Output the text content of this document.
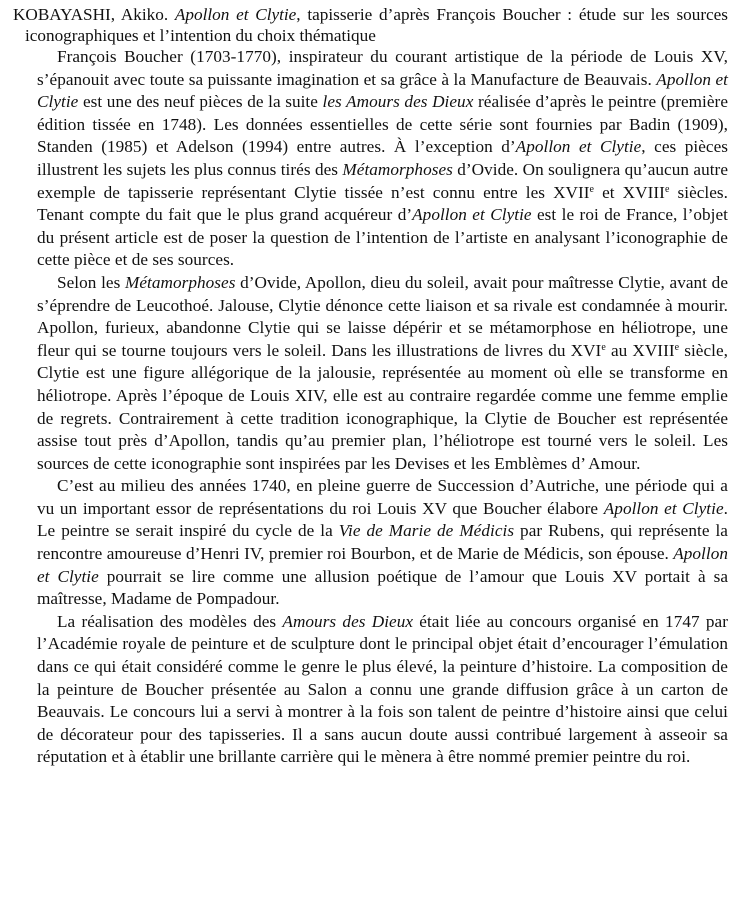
KOBAYASHI, Akiko. Apollon et Clytie, tapisserie d’après François Boucher : étude sur les sources iconographiques et l’intention du choix thématique

François Boucher (1703-1770), inspirateur du courant artistique de la période de Louis XV, s’épanouit avec toute sa puissante imagination et sa grâce à la Manufacture de Beauvais. Apollon et Clytie est une des neuf pièces de la suite les Amours des Dieux réalisée d’après le peintre (première édition tissée en 1748). Les données essentielles de cette série sont fournies par Badin (1909), Standen (1985) et Adelson (1994) entre autres. À l’exception d’Apollon et Clytie, ces pièces illustrent les sujets les plus connus tirés des Métamorphoses d’Ovide. On soulignera qu’aucun autre exemple de tapisserie représentant Clytie tissée n’est connu entre les XVIIe et XVIIIe siècles. Tenant compte du fait que le plus grand acquéreur d’Apollon et Clytie est le roi de France, l’objet du présent article est de poser la question de l’intention de l’artiste en analysant l’iconographie de cette pièce et de ses sources.

Selon les Métamorphoses d’Ovide, Apollon, dieu du soleil, avait pour maîtresse Clytie, avant de s’éprendre de Leucothoé. Jalouse, Clytie dénonce cette liaison et sa rivale est condamnée à mourir. Apollon, furieux, abandonne Clytie qui se laisse dépérir et se métamorphose en héliotrope, une fleur qui se tourne toujours vers le soleil. Dans les illustrations de livres du XVIe au XVIIIe siècle, Clytie est une figure allégorique de la jalousie, représentée au moment où elle se transforme en héliotrope. Après l’époque de Louis XIV, elle est au contraire regardée comme une femme emplie de regrets. Contrairement à cette tradition iconographique, la Clytie de Boucher est représentée assise tout près d’Apollon, tandis qu’au premier plan, l’héliotrope est tourné vers le soleil. Les sources de cette iconographie sont inspirées par les Devises et les Emblèmes d’ Amour.

C’est au milieu des années 1740, en pleine guerre de Succession d’Autriche, une période qui a vu un important essor de représentations du roi Louis XV que Boucher élabore Apollon et Clytie. Le peintre se serait inspiré du cycle de la Vie de Marie de Médicis par Rubens, qui représente la rencontre amoureuse d’Henri IV, premier roi Bourbon, et de Marie de Médicis, son épouse. Apollon et Clytie pourrait se lire comme une allusion poétique de l’amour que Louis XV portait à sa maîtresse, Madame de Pompadour.

La réalisation des modèles des Amours des Dieux était liée au concours organisé en 1747 par l’Académie royale de peinture et de sculpture dont le principal objet était d’encourager l’émulation dans ce qui était considéré comme le genre le plus élevé, la peinture d’histoire. La composition de la peinture de Boucher présentée au Salon a connu une grande diffusion grâce à un carton de Beauvais. Le concours lui a servi à montrer à la fois son talent de peintre d’histoire ainsi que celui de décorateur pour des tapisseries. Il a sans aucun doute aussi contribué largement à asseoir sa réputation et à établir une brillante carrière qui le mènera à être nommé premier peintre du roi.
